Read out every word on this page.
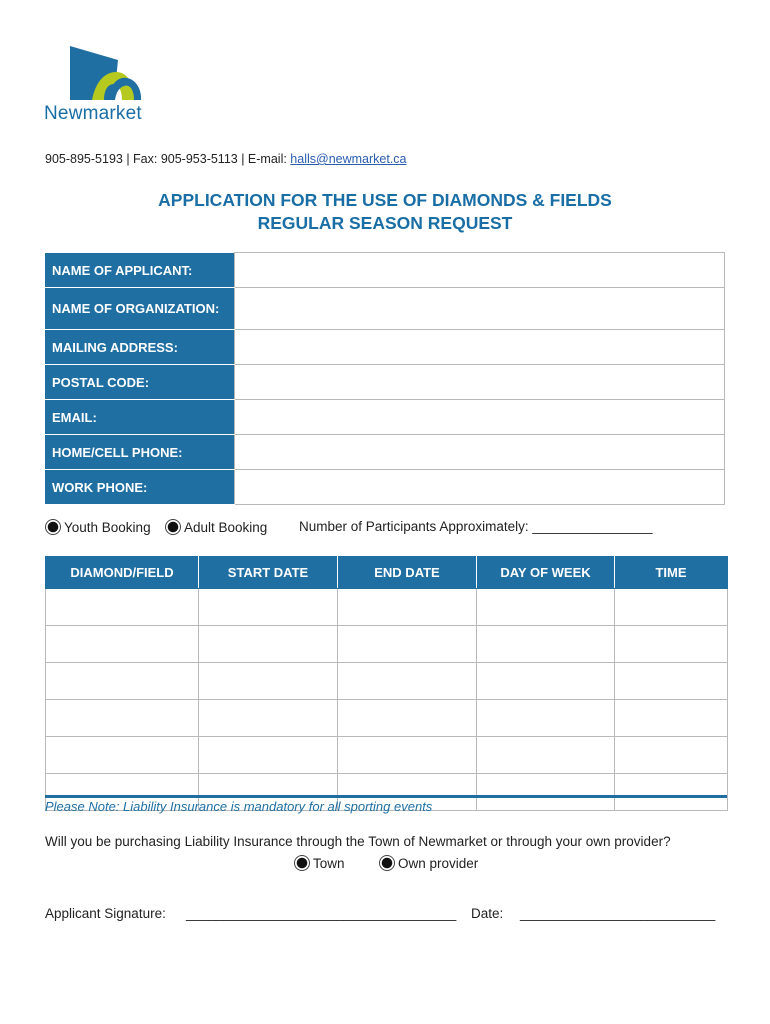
Newmarket
905-895-5193 | Fax: 905-953-5113 | E-mail: halls@newmarket.ca
APPLICATION FOR THE USE OF DIAMONDS & FIELDS
REGULAR SEASON REQUEST
NAME OF APPLICANT:	
NAME OF ORGANIZATION:	
MAILING ADDRESS:	
POSTAL CODE:	
EMAIL:	
HOME/CELL PHONE:	
WORK PHONE:	
Youth Booking	Adult Booking Number of Participants Approximately: ________________
DIAMOND/FIELD	START DATE	END DATE	DAY OF WEEK	TIME

Please Note: Liability Insurance is mandatory for all sporting events
Will you be purchasing Liability Insurance through the Town of Newmarket or through your own provider?
Town	Own provider
Applicant Signature: ____________________________________ Date: __________________________
